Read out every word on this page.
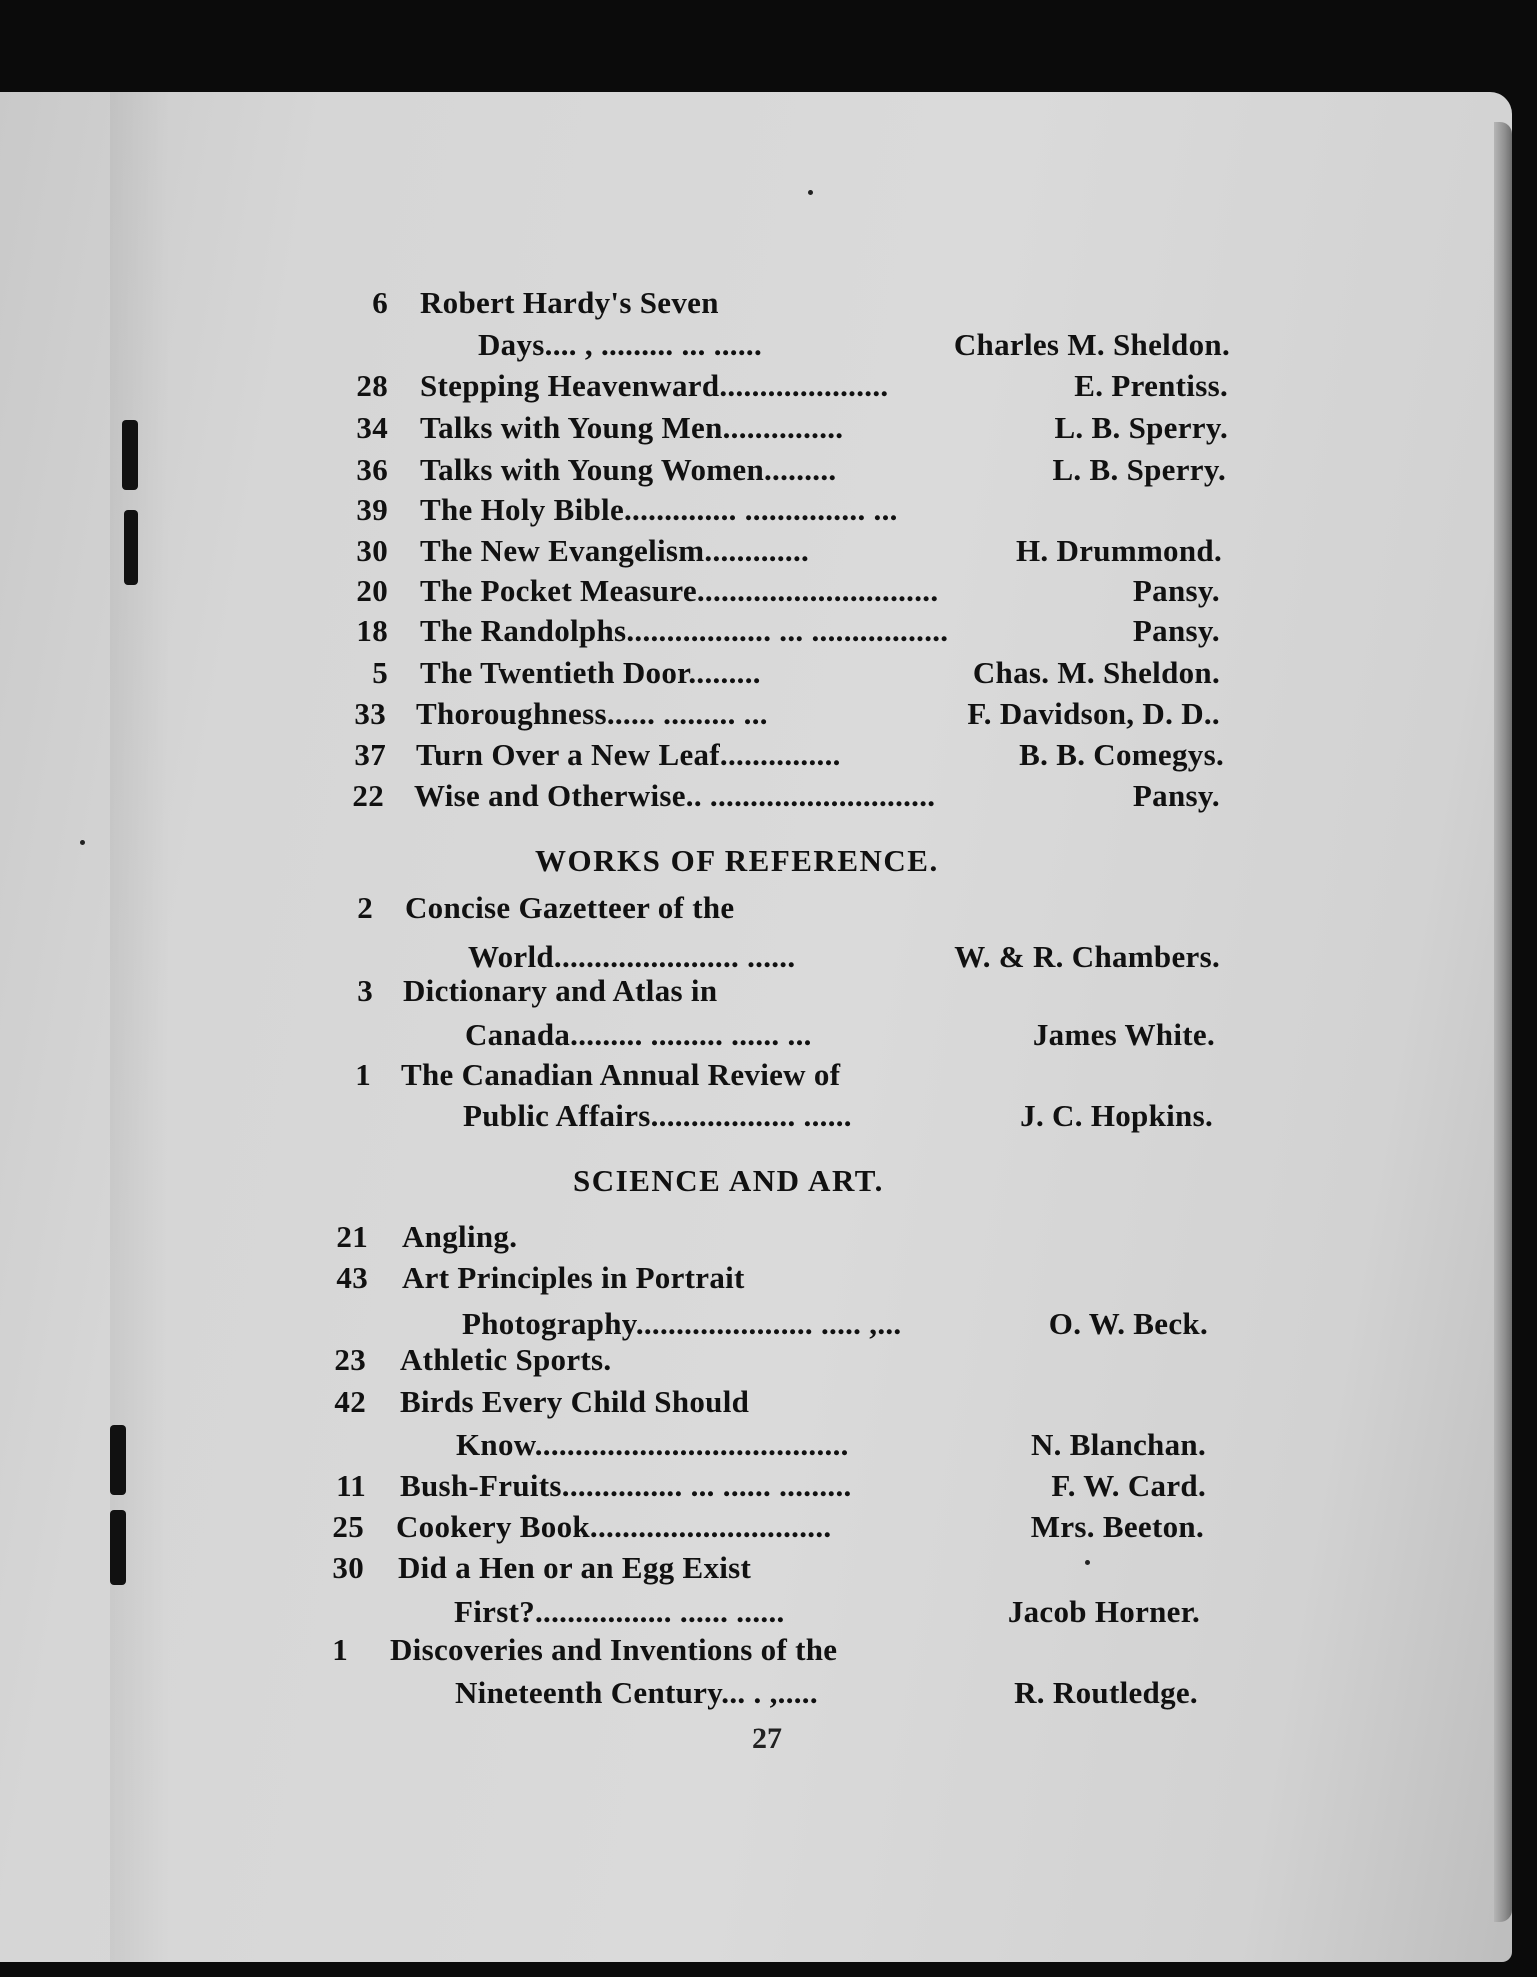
6 Robert Hardy's Seven
Days.... , ......... ... ......	Charles M. Sheldon.
28 Stepping Heavenward.....................	E. Prentiss.
34 Talks with Young Men...............	L. B. Sperry.
36 Talks with Young Women.........	L. B. Sperry.
39 The Holy Bible.............. ............... ...
30 The New Evangelism.............	H. Drummond.
20 The Pocket Measure..............................	Pansy.
18 The Randolphs.................. ... .................	Pansy.
5 The Twentieth Door.........	Chas. M. Sheldon.
33 Thoroughness...... ......... ...	F. Davidson, D. D..
37 Turn Over a New Leaf...............	B. B. Comegys.
22 Wise and Otherwise.. ............................	Pansy.
WORKS OF REFERENCE.
2 Concise Gazetteer of the
World....................... ......	W. & R. Chambers.
3 Dictionary and Atlas in
Canada......... ......... ...... ...	James White.
1 The Canadian Annual Review of
Public Affairs.................. ......	J. C. Hopkins.
SCIENCE AND ART.
21 Angling.
43 Art Principles in Portrait
Photography...................... ..... ,...	O. W. Beck.
23 Athletic Sports.
42 Birds Every Child Should
Know.......................................	N. Blanchan.
11 Bush-Fruits............... ... ...... .........	F. W. Card.
25 Cookery Book..............................	Mrs. Beeton.
30 Did a Hen or an Egg Exist
First?................. ...... ......	Jacob Horner.
1 Discoveries and Inventions of the
Nineteenth Century... . ,.....	R. Routledge.
27
